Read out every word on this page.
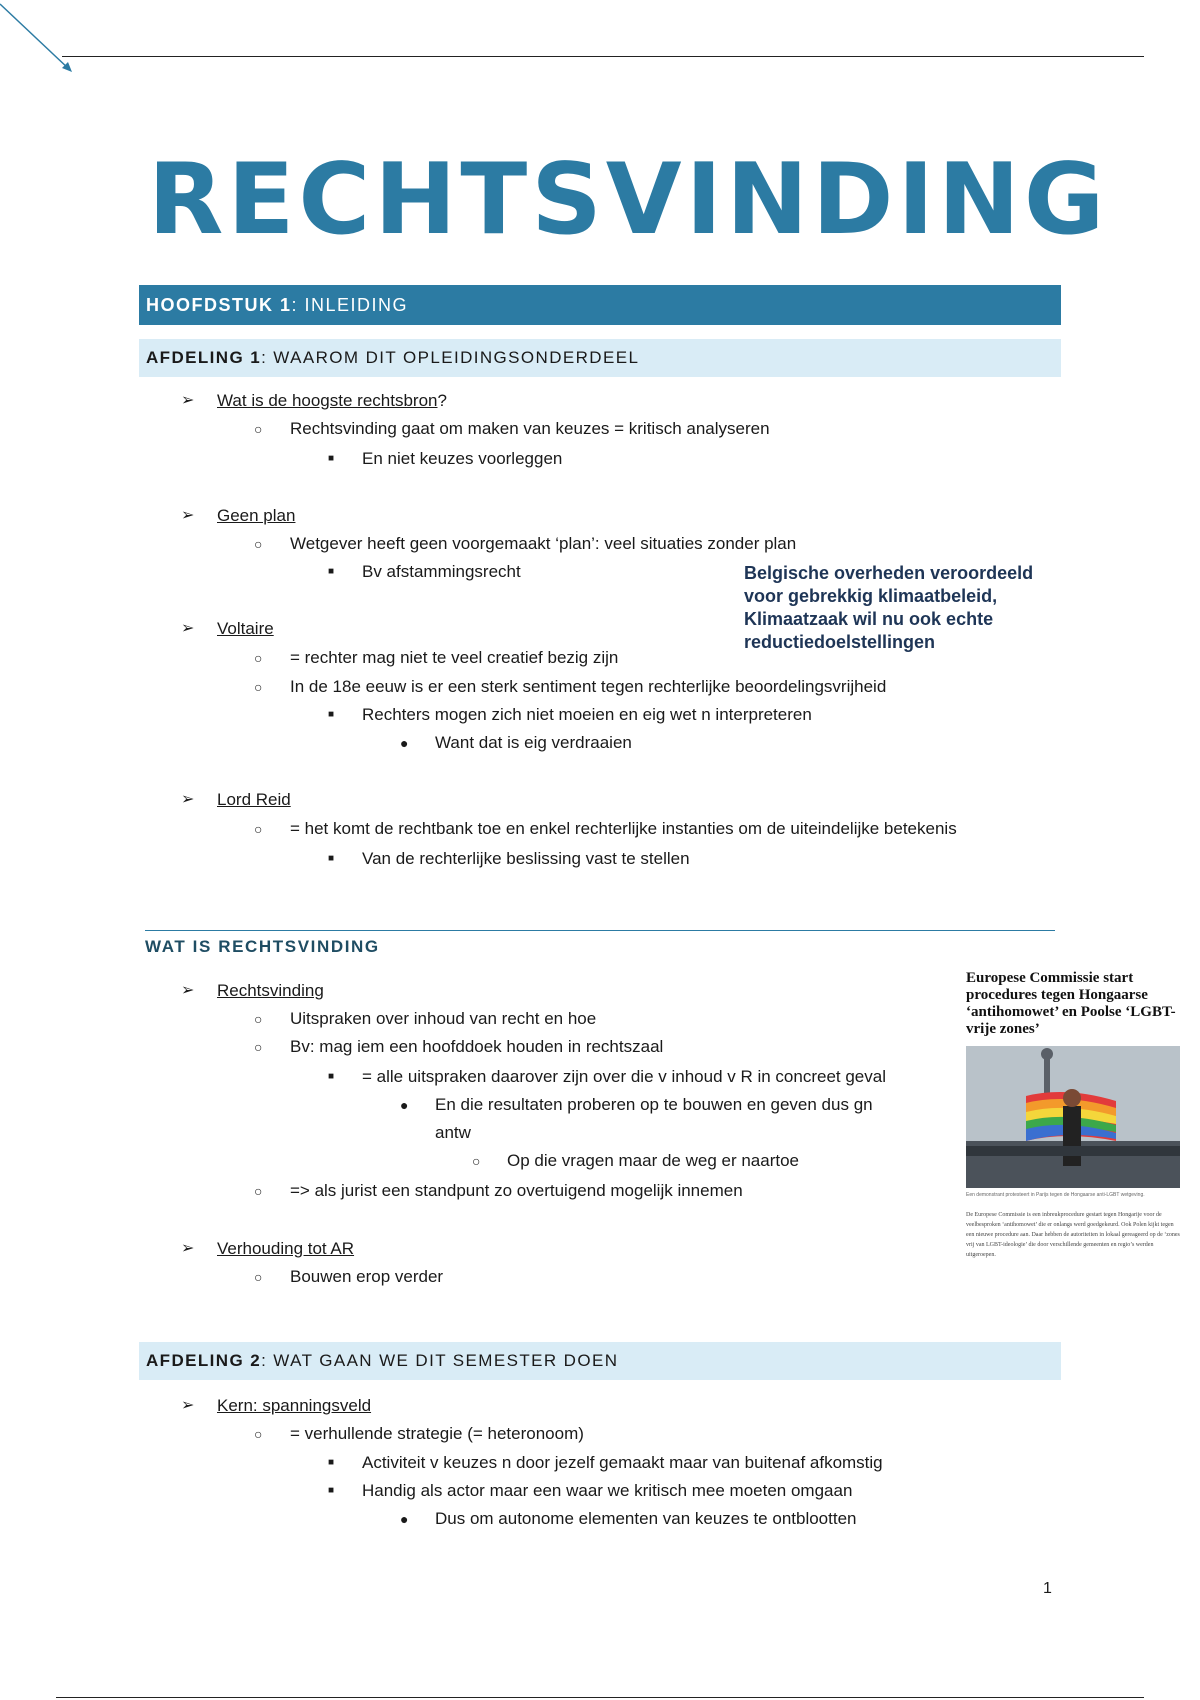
RECHTSVINDING
HOOFDSTUK 1: INLEIDING
AFDELING 1: WAAROM DIT OPLEIDINGSONDERDEEL
➢ Wat is de hoogste rechtsbron?
○ Rechtsvinding gaat om maken van keuzes = kritisch analyseren
■ En niet keuzes voorleggen
➢ Geen plan
○ Wetgever heeft geen voorgemaakt ‘plan’: veel situaties zonder plan
■ Bv afstammingsrecht
➢ Voltaire
○ = rechter mag niet te veel creatief bezig zijn
○ In de 18e eeuw is er een sterk sentiment tegen rechterlijke beoordelingsvrijheid
■ Rechters mogen zich niet moeien en eig wet n interpreteren
● Want dat is eig verdraaien
➢ Lord Reid
○ = het komt de rechtbank toe en enkel rechterlijke instanties om de uiteindelijke betekenis
■ Van de rechterlijke beslissing vast te stellen
Belgische overheden veroordeeld voor gebrekkig klimaatbeleid, Klimaatzaak wil nu ook echte reductiedoelstellingen
WAT IS RECHTSVINDING
➢ Rechtsvinding
○ Uitspraken over inhoud van recht en hoe
○ Bv: mag iem een hoofddoek houden in rechtszaal
■ = alle uitspraken daarover zijn over die v inhoud v R in concreet geval
● En die resultaten proberen op te bouwen en geven dus gn
antw
○ Op die vragen maar de weg er naartoe
○ => als jurist een standpunt zo overtuigend mogelijk innemen
➢ Verhouding tot AR
○ Bouwen erop verder
Europese Commissie start procedures tegen Hongaarse ‘antihomowet’ en Poolse ‘LGBT-vrije zones’
Een demonstrant protesteert in Parijs tegen de Hongaarse anti-LGBT wetgeving.
De Europese Commissie is een inbreukprocedure gestart tegen Hongarije voor de veelbesproken ‘antihomowet’ die er onlangs werd goedgekeurd. Ook Polen kijkt tegen een nieuwe procedure aan. Daar hebben de autoriteiten in lokaal gereageerd op de ‘zones vrij van LGBT-ideologie’ die door verschillende gemeenten en regio’s werden uitgeroepen.
AFDELING 2: WAT GAAN WE DIT SEMESTER DOEN
➢ Kern: spanningsveld
○ = verhullende strategie (= heteronoom)
■ Activiteit v keuzes n door jezelf gemaakt maar van buitenaf afkomstig
■ Handig als actor maar een waar we kritisch mee moeten omgaan
● Dus om autonome elementen van keuzes te ontblootten
1
